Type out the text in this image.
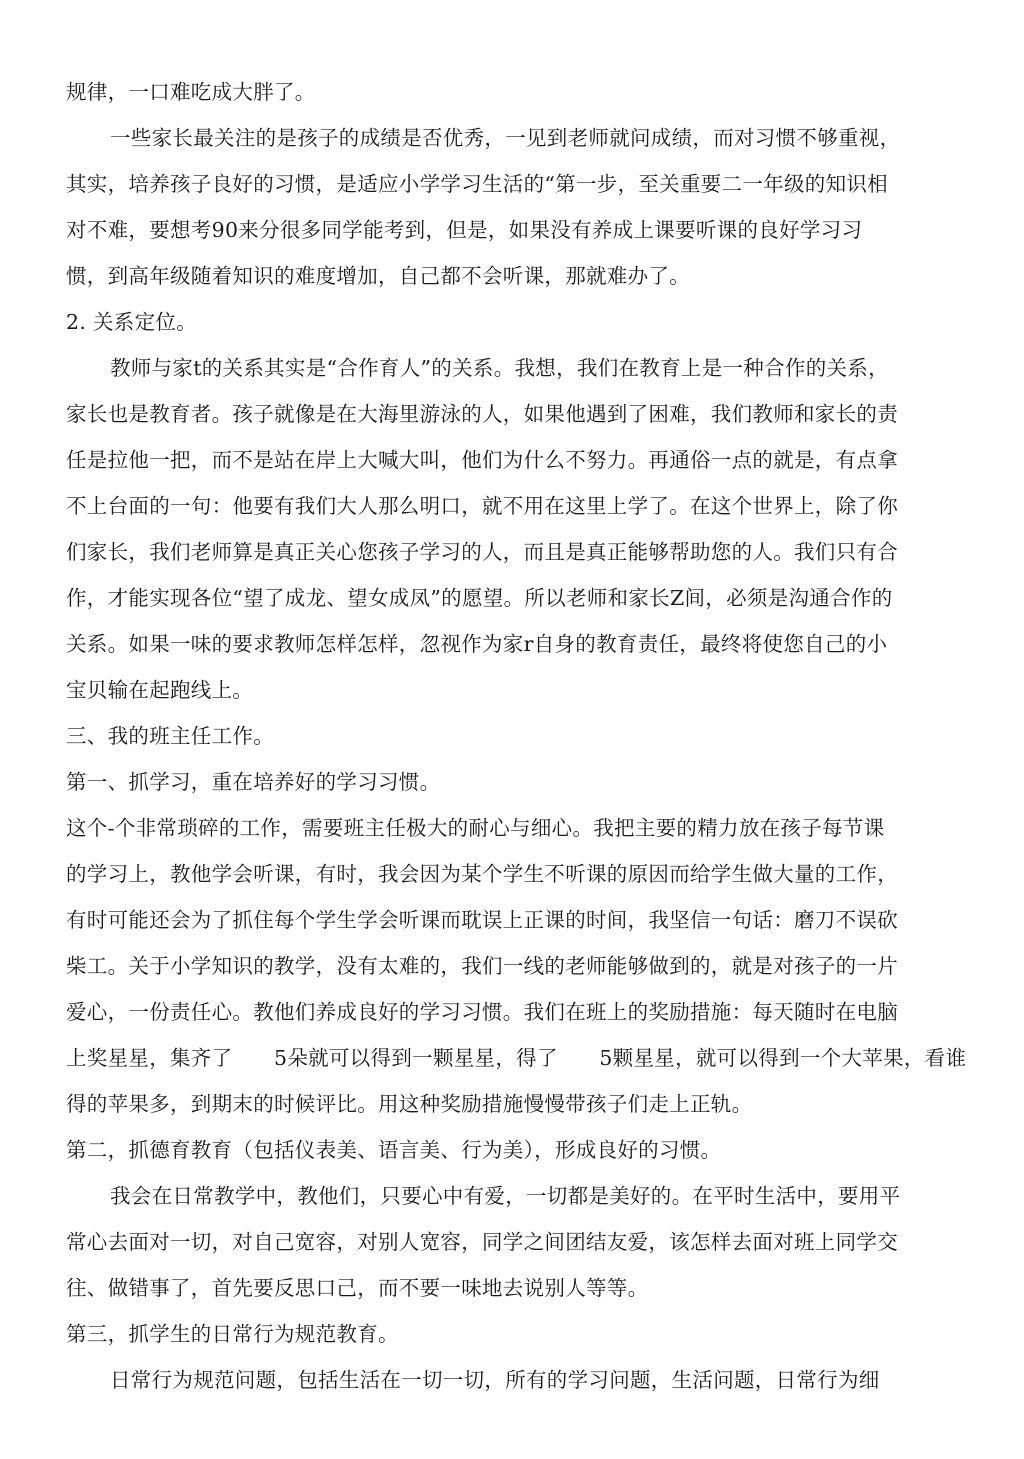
规律，一口难吃成大胖了。
一些家长最关注的是孩子的成绩是否优秀，一见到老师就问成绩，而对习惯不够重视，
其实，培养孩子良好的习惯，是适应小学学习生活的“第一步，至关重要二一年级的知识相
对不难，要想考90来分很多同学能考到，但是，如果没有养成上课要听课的良好学习习
惯，到高年级随着知识的难度增加，自己都不会听课，那就难办了。
2. 关系定位。
教师与家t的关系其实是“合作育人”的关系。我想，我们在教育上是一种合作的关系，
家长也是教育者。孩子就像是在大海里游泳的人，如果他遇到了困难，我们教师和家长的责
任是拉他一把，而不是站在岸上大喊大叫，他们为什么不努力。再通俗一点的就是，有点拿
不上台面的一句：他要有我们大人那么明口，就不用在这里上学了。在这个世界上，除了你
们家长，我们老师算是真正关心您孩子学习的人，而且是真正能够帮助您的人。我们只有合
作，才能实现各位“望了成龙、望女成凤”的愿望。所以老师和家长Z间，必须是沟通合作的
关系。如果一味的要求教师怎样怎样，忽视作为家r自身的教育责任，最终将使您自己的小
宝贝输在起跑线上。
三、我的班主任工作。
第一、抓学习，重在培养好的学习习惯。
这个-个非常琐碎的工作，需要班主任极大的耐心与细心。我把主要的精力放在孩子每节课
的学习上，教他学会听课，有时，我会因为某个学生不听课的原因而给学生做大量的工作，
有时可能还会为了抓住每个学生学会听课而耽误上正课的时间，我坚信一句话：磨刀不误砍
柴工。关于小学知识的教学，没有太难的，我们一线的老师能够做到的，就是对孩子的一片
爱心，一份责任心。教他们养成良好的学习习惯。我们在班上的奖励措施：每天随时在电脑
上奖星星，集齐了　　5朵就可以得到一颗星星，得了　　5颗星星，就可以得到一个大苹果，看谁
得的苹果多，到期末的时候评比。用这种奖励措施慢慢带孩子们走上正轨。
第二，抓德育教育（包括仪表美、语言美、行为美），形成良好的习惯。
我会在日常教学中，教他们，只要心中有爱，一切都是美好的。在平时生活中，要用平
常心去面对一切，对自己宽容，对别人宽容，同学之间团结友爱，该怎样去面对班上同学交
往、做错事了，首先要反思口己，而不要一味地去说别人等等。
第三，抓学生的日常行为规范教育。
日常行为规范问题，包括生活在一切一切，所有的学习问题，生活问题，日常行为细
